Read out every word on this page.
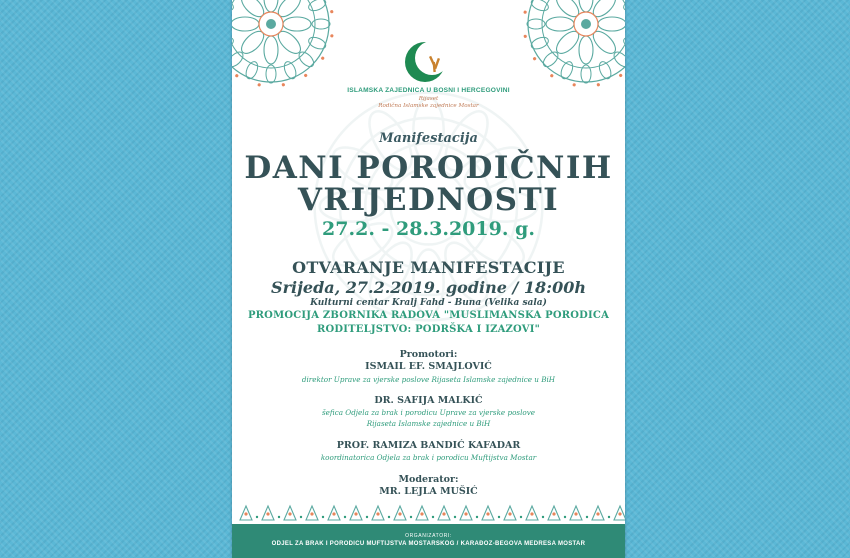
ISLAMSKA ZAJEDNICA U BOSNI I HERCEGOVINI
Rijaset
Rodična Islamske zajednice Mostar
Manifestacija
DANI PORODIČNIH
VRIJEDNOSTI
27.2. - 28.3.2019. g.
OTVARANJE MANIFESTACIJE
Srijeda, 27.2.2019. godine / 18:00h
Kulturni centar Kralj Fahd - Buna (Velika sala)
PROMOCIJA ZBORNIKA RADOVA "MUSLIMANSKA PORODICA
RODITELJSTVO: PODRŠKA I IZAZOVI"
Promotori:
ISMAIL EF. SMAJLOVIĆ
direktor Uprave za vjerske poslove Rijaseta Islamske zajednice u BiH
DR. SAFIJA MALKIĆ
šefica Odjela za brak i porodicu Uprave za vjerske poslove
Rijaseta Islamske zajednice u BiH
PROF. RAMIZA BANDIĆ KAFADAR
koordinatorica Odjela za brak i porodicu Muftijstva Mostar
Moderator:
MR. LEJLA MUŠIĆ
ORGANIZATORI:
ODJEL ZA BRAK I PORODICU MUFTIJSTVA MOSTARSKOG / KARAĐOZ-BEGOVA MEDRESA MOSTAR
